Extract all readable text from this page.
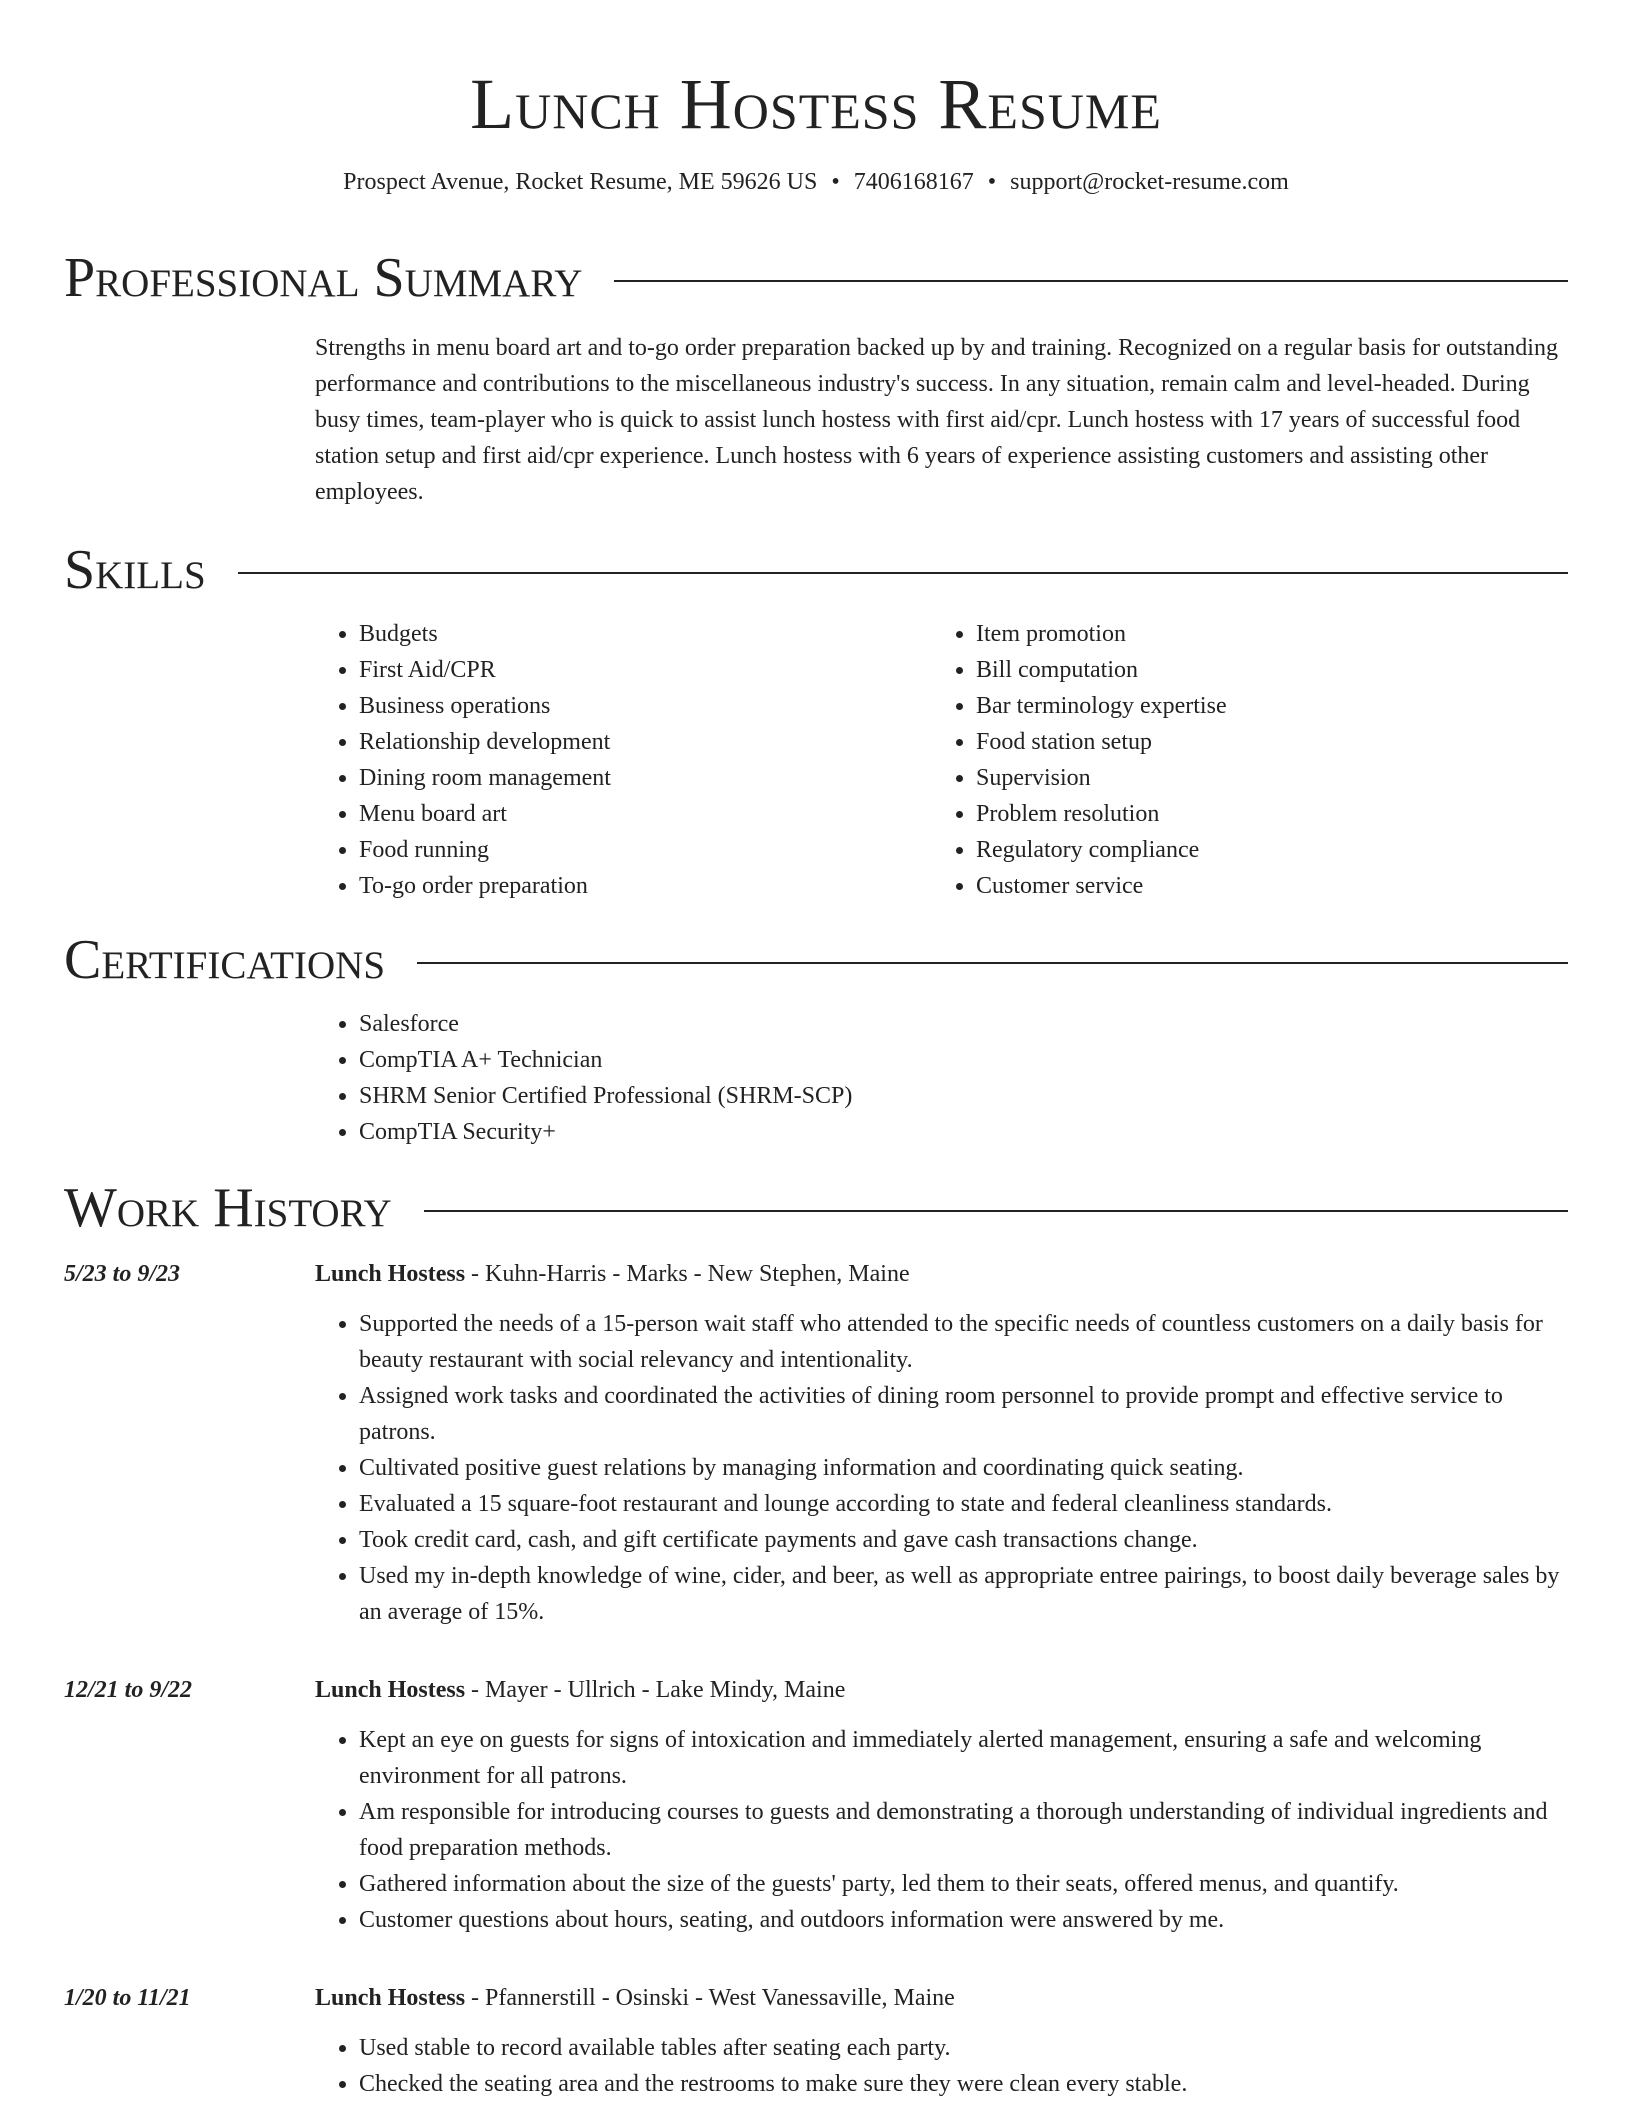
Lunch Hostess Resume
Prospect Avenue, Rocket Resume, ME 59626 US • 7406168167 • support@rocket-resume.com
Professional Summary
Strengths in menu board art and to-go order preparation backed up by and training. Recognized on a regular basis for outstanding performance and contributions to the miscellaneous industry's success. In any situation, remain calm and level-headed. During busy times, team-player who is quick to assist lunch hostess with first aid/cpr. Lunch hostess with 17 years of successful food station setup and first aid/cpr experience. Lunch hostess with 6 years of experience assisting customers and assisting other employees.
Skills
• Budgets
• First Aid/CPR
• Business operations
• Relationship development
• Dining room management
• Menu board art
• Food running
• To-go order preparation
• Item promotion
• Bill computation
• Bar terminology expertise
• Food station setup
• Supervision
• Problem resolution
• Regulatory compliance
• Customer service
Certifications
• Salesforce
• CompTIA A+ Technician
• SHRM Senior Certified Professional (SHRM-SCP)
• CompTIA Security+
Work History
5/23 to 9/23	Lunch Hostess - Kuhn-Harris - Marks - New Stephen, Maine
• Supported the needs of a 15-person wait staff who attended to the specific needs of countless customers on a daily basis for beauty restaurant with social relevancy and intentionality.
• Assigned work tasks and coordinated the activities of dining room personnel to provide prompt and effective service to patrons.
• Cultivated positive guest relations by managing information and coordinating quick seating.
• Evaluated a 15 square-foot restaurant and lounge according to state and federal cleanliness standards.
• Took credit card, cash, and gift certificate payments and gave cash transactions change.
• Used my in-depth knowledge of wine, cider, and beer, as well as appropriate entree pairings, to boost daily beverage sales by an average of 15%.
12/21 to 9/22	Lunch Hostess - Mayer - Ullrich - Lake Mindy, Maine
• Kept an eye on guests for signs of intoxication and immediately alerted management, ensuring a safe and welcoming environment for all patrons.
• Am responsible for introducing courses to guests and demonstrating a thorough understanding of individual ingredients and food preparation methods.
• Gathered information about the size of the guests' party, led them to their seats, offered menus, and quantify.
• Customer questions about hours, seating, and outdoors information were answered by me.
1/20 to 11/21	Lunch Hostess - Pfannerstill - Osinski - West Vanessaville, Maine
• Used stable to record available tables after seating each party.
• Checked the seating area and the restrooms to make sure they were clean every stable.
